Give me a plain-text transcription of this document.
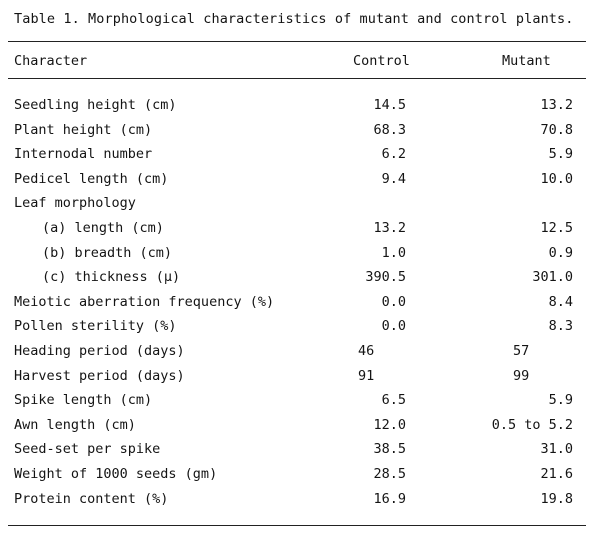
Table 1. Morphological characteristics of mutant and control plants.
Character	Control	Mutant
Seedling height (cm)	14.5	13.2
Plant height (cm)	68.3	70.8
Internodal number	6.2	5.9
Pedicel length (cm)	9.4	10.0
Leaf morphology
(a) length (cm)	13.2	12.5
(b) breadth (cm)	1.0	0.9
(c) thickness (µ)	390.5	301.0
Meiotic aberration frequency (%)	0.0	8.4
Pollen sterility (%)	0.0	8.3
Heading period (days)	46	57
Harvest period (days)	91	99
Spike length (cm)	6.5	5.9
Awn length (cm)	12.0	0.5 to 5.2
Seed-set per spike	38.5	31.0
Weight of 1000 seeds (gm)	28.5	21.6
Protein content (%)	16.9	19.8
